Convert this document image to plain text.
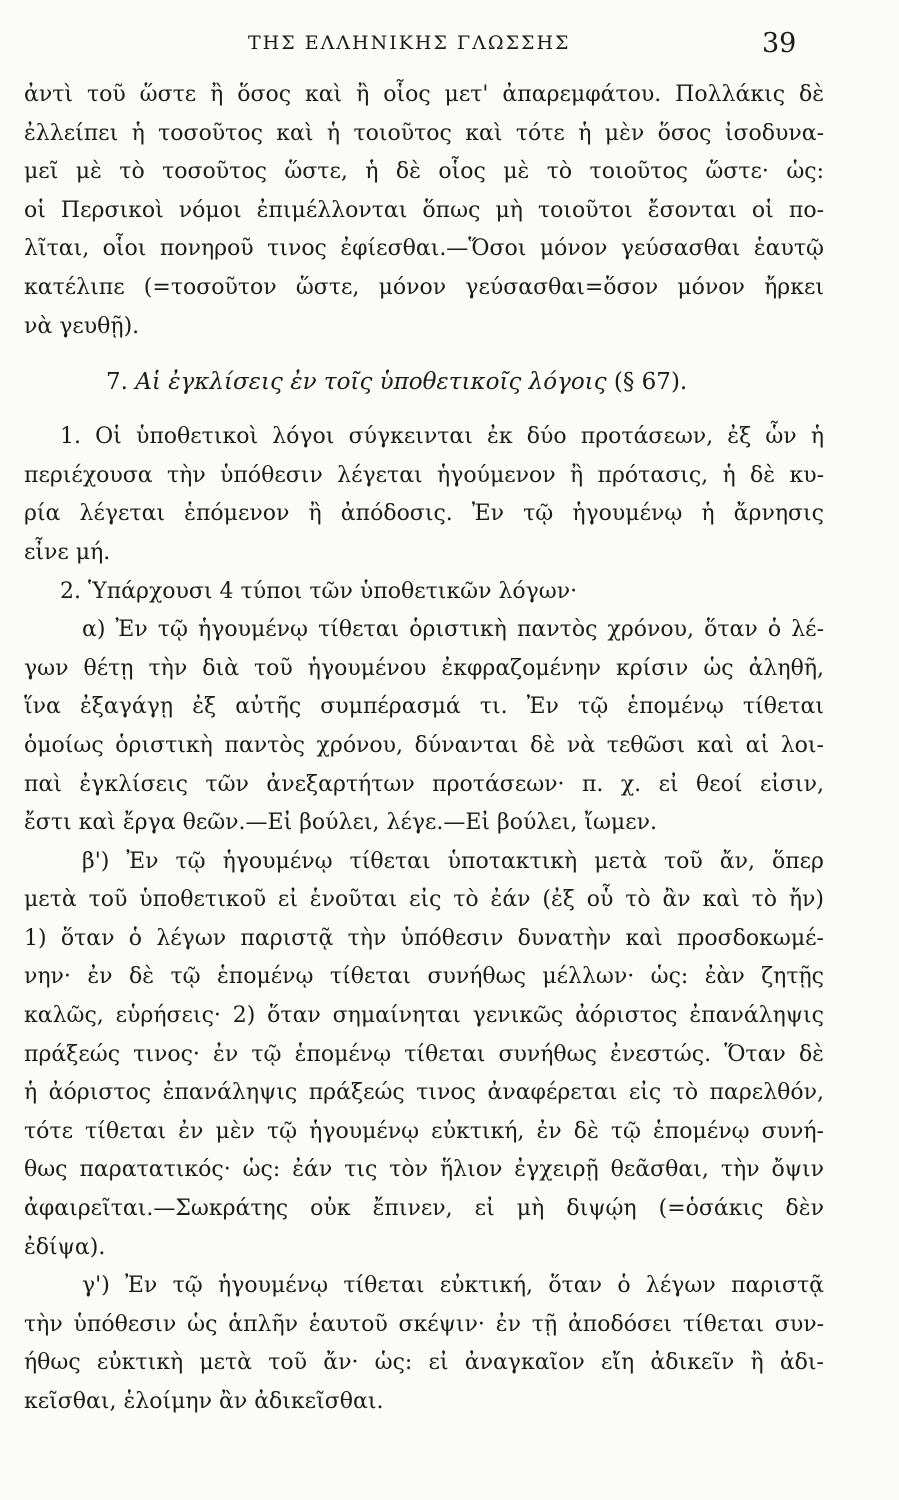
ΤΗΣ ΕΛΛΗΝΙΚΗΣ ΓΛΩΣΣΗΣ	39
ἀντὶ τοῦ ὥστε ἢ ὅσος καὶ ἢ οἷος μετ' ἀπαρεμφάτου. Πολλάκις δὲ
ἐλλείπει ἡ τοσοῦτος καὶ ἡ τοιοῦτος καὶ τότε ἡ μὲν ὅσος ἰσοδυνα-
μεῖ μὲ τὸ τοσοῦτος ὥστε, ἡ δὲ οἷος μὲ τὸ τοιοῦτος ὥστε· ὡς:
οἱ Περσικοὶ νόμοι ἐπιμέλλονται ὅπως μὴ τοιοῦτοι ἔσονται οἱ πο-
λῖται, οἷοι πονηροῦ τινος ἐφίεσθαι.—Ὅσοι μόνον γεύσασθαι ἑαυτῷ
κατέλιπε (=τοσοῦτον ὥστε, μόνον γεύσασθαι=ὅσον μόνον ἤρκει
νὰ γευθῇ).
7. Αἱ ἐγκλίσεις ἐν τοῖς ὑποθετικοῖς λόγοις (§ 67).
1. Οἱ ὑποθετικοὶ λόγοι σύγκεινται ἐκ δύο προτάσεων, ἐξ ὧν ἡ
περιέχουσα τὴν ὑπόθεσιν λέγεται ἡγούμενον ἢ πρότασις, ἡ δὲ κυ-
ρία λέγεται ἑπόμενον ἢ ἀπόδοσις. Ἐν τῷ ἡγουμένῳ ἡ ἄρνησις
εἶνε μή.
2. Ὑπάρχουσι 4 τύποι τῶν ὑποθετικῶν λόγων·
α) Ἐν τῷ ἡγουμένῳ τίθεται ὁριστικὴ παντὸς χρόνου, ὅταν ὁ λέ-
γων θέτῃ τὴν διὰ τοῦ ἡγουμένου ἐκφραζομένην κρίσιν ὡς ἀληθῆ,
ἵνα ἐξαγάγῃ ἐξ αὐτῆς συμπέρασμά τι. Ἐν τῷ ἑπομένῳ τίθεται
ὁμοίως ὁριστικὴ παντὸς χρόνου, δύνανται δὲ νὰ τεθῶσι καὶ αἱ λοι-
παὶ ἐγκλίσεις τῶν ἀνεξαρτήτων προτάσεων· π. χ. εἰ θεοί εἰσιν,
ἔστι καὶ ἔργα θεῶν.—Εἰ βούλει, λέγε.—Εἰ βούλει, ἴωμεν.
β') Ἐν τῷ ἡγουμένῳ τίθεται ὑποτακτικὴ μετὰ τοῦ ἄν, ὅπερ
μετὰ τοῦ ὑποθετικοῦ εἰ ἑνοῦται εἰς τὸ ἐάν (ἐξ οὗ τὸ ἂν καὶ τὸ ἤν)
1) ὅταν ὁ λέγων παριστᾷ τὴν ὑπόθεσιν δυνατὴν καὶ προσδοκωμέ-
νην· ἐν δὲ τῷ ἑπομένῳ τίθεται συνήθως μέλλων· ὡς: ἐὰν ζητῇς
καλῶς, εὑρήσεις· 2) ὅταν σημαίνηται γενικῶς ἀόριστος ἐπανάληψις
πράξεώς τινος· ἐν τῷ ἑπομένῳ τίθεται συνήθως ἐνεστώς. Ὅταν δὲ
ἡ ἀόριστος ἐπανάληψις πράξεώς τινος ἀναφέρεται εἰς τὸ παρελθόν,
τότε τίθεται ἐν μὲν τῷ ἡγουμένῳ εὐκτική, ἐν δὲ τῷ ἑπομένῳ συνή-
θως παρατατικός· ὡς: ἐάν τις τὸν ἥλιον ἐγχειρῇ θεᾶσθαι, τὴν ὄψιν
ἀφαιρεῖται.—Σωκράτης οὐκ ἔπινεν, εἰ μὴ διψῴη (=ὁσάκις δὲν
ἐδίψα).
γ') Ἐν τῷ ἡγουμένῳ τίθεται εὐκτική, ὅταν ὁ λέγων παριστᾷ
τὴν ὑπόθεσιν ὡς ἁπλῆν ἑαυτοῦ σκέψιν· ἐν τῇ ἀποδόσει τίθεται συν-
ήθως εὐκτικὴ μετὰ τοῦ ἄν· ὡς: εἰ ἀναγκαῖον εἴη ἀδικεῖν ἢ ἀδι-
κεῖσθαι, ἑλοίμην ἂν ἀδικεῖσθαι.
